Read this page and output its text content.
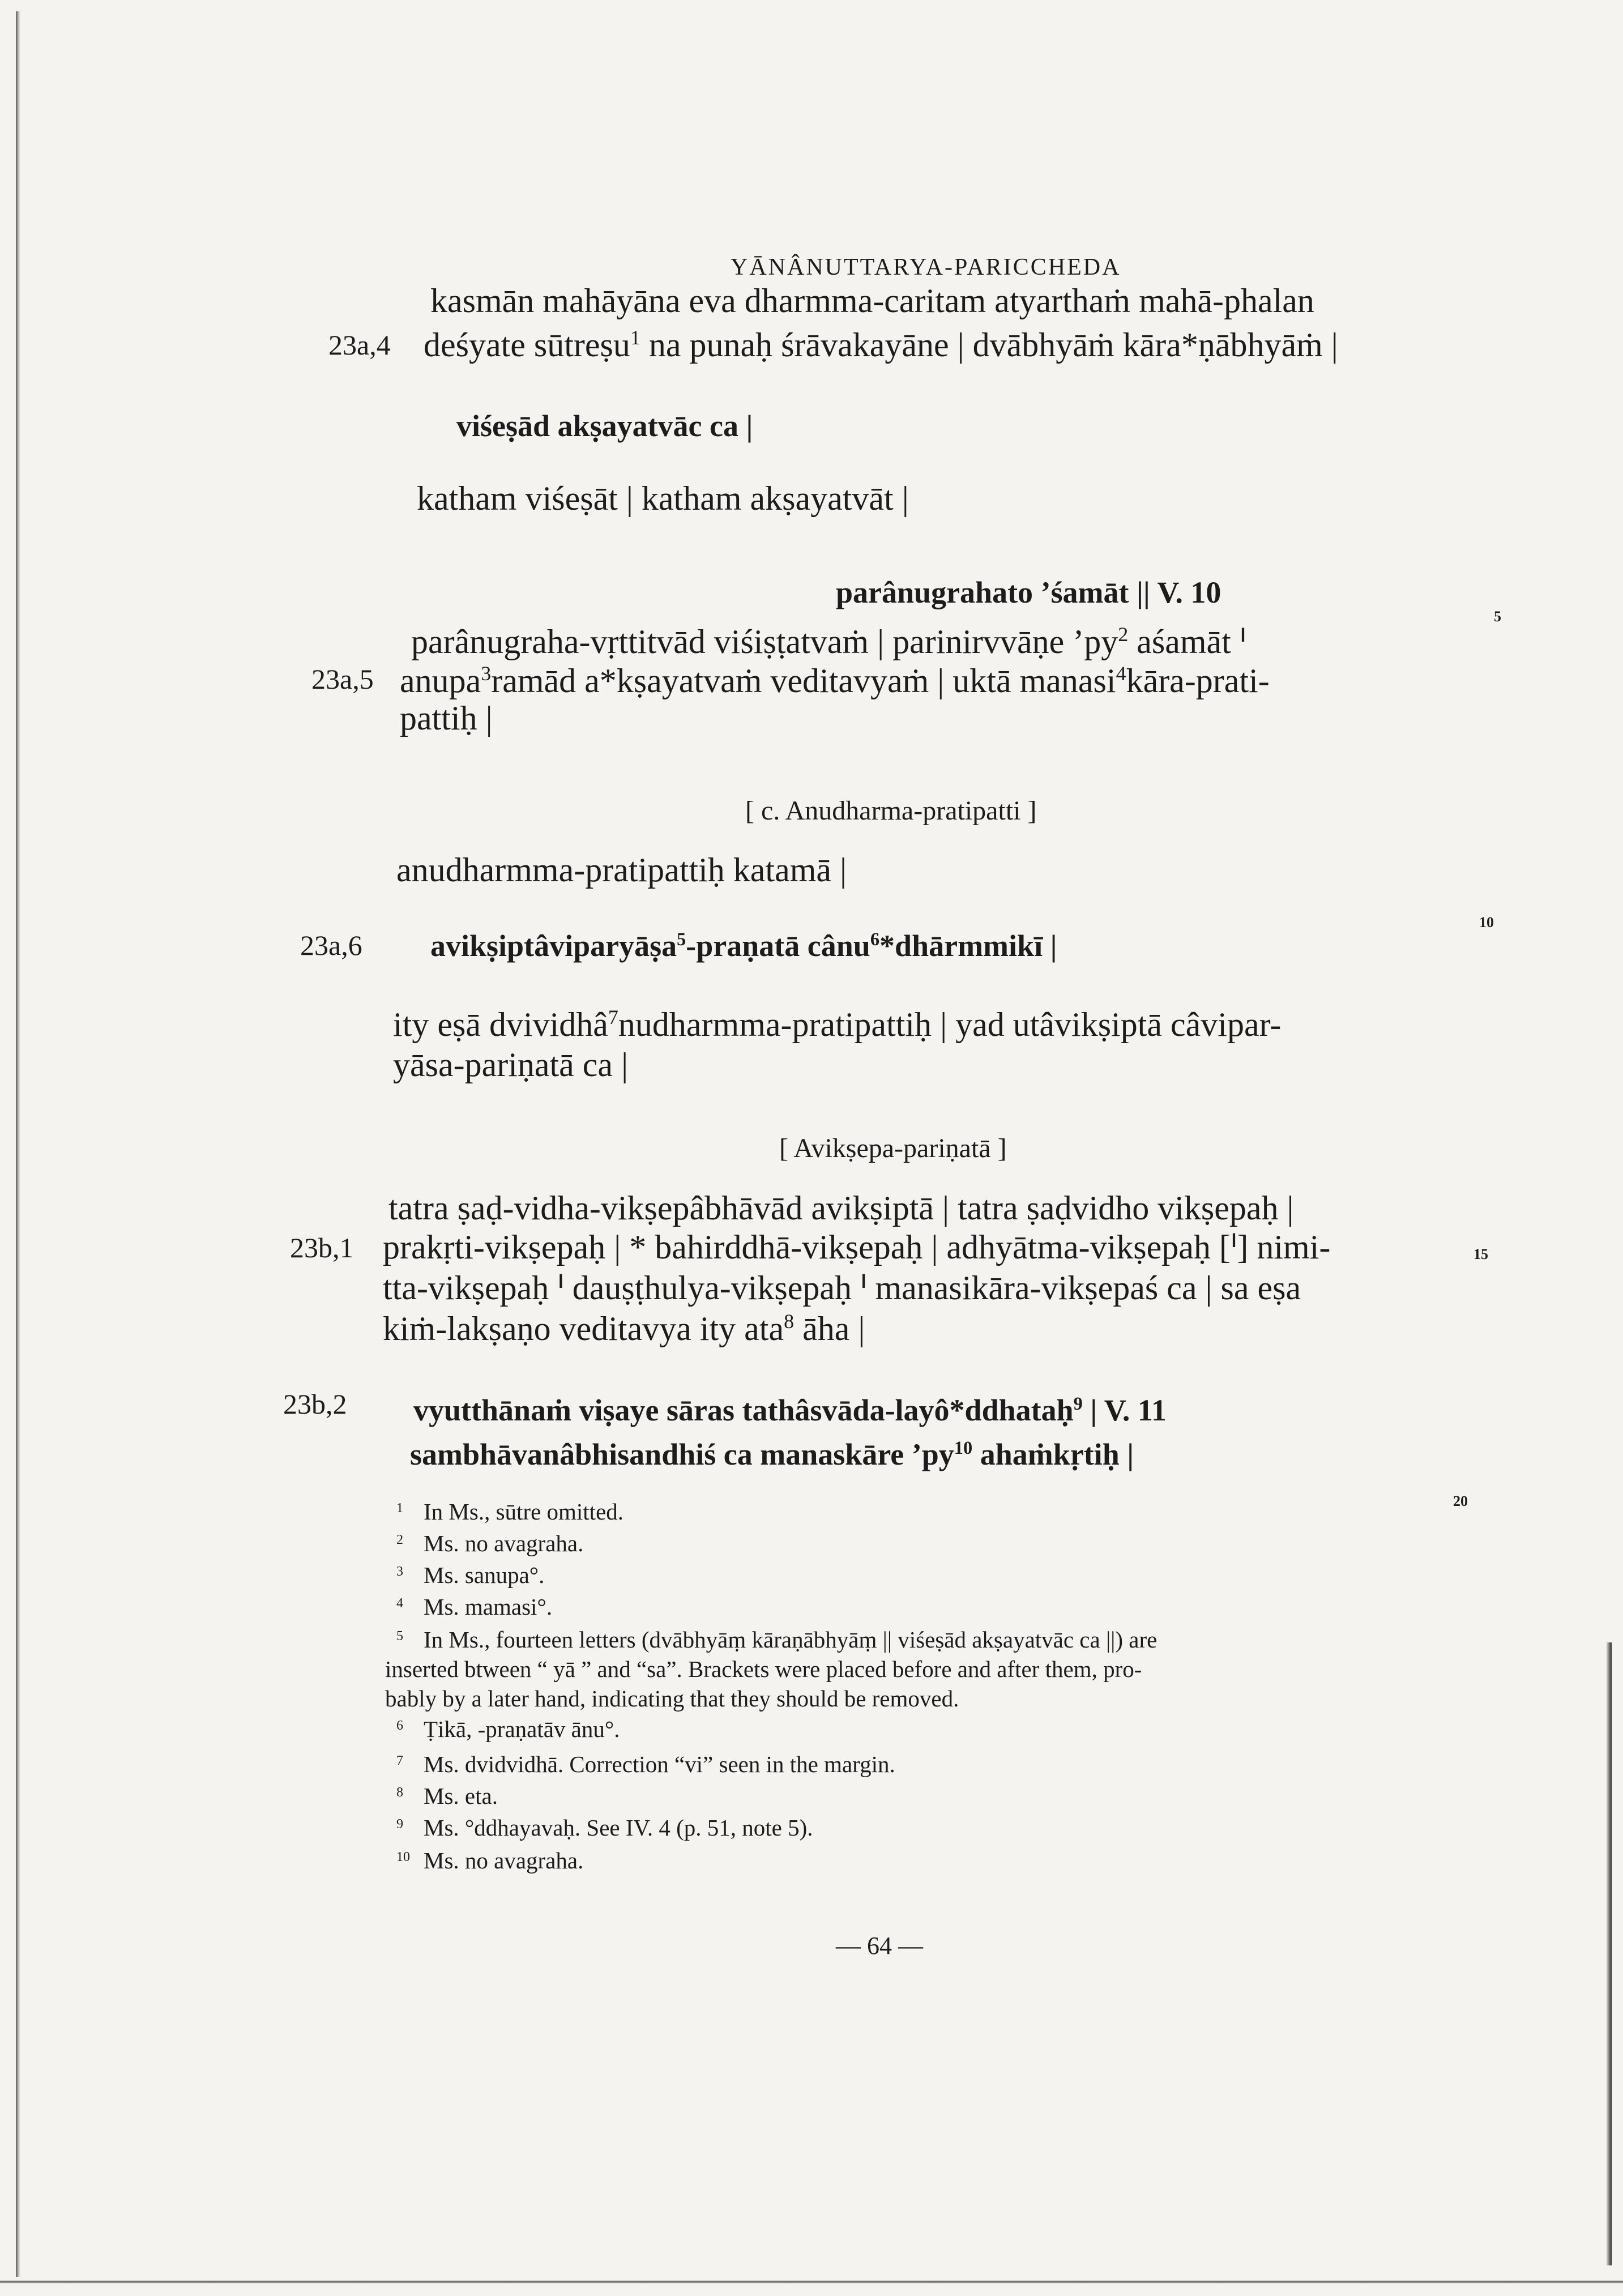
YĀNÂNUTTARYA-PARICCHEDA
kasmān mahāyāna eva dharmma-caritam atyarthaṁ mahā-phalan
23a,4 deśyate sūtreṣu$^1$ na punaḥ śrāvakayāne | dvābhyāṁ kāra*ṇābhyāṁ |
viśeṣād akṣayatvāc ca |
katham viśeṣāt | katham akṣayatvāt |
parânugrahato ’śamāt || V. 10
5
parânugraha-vṛttitvād viśiṣṭatvaṁ | parinirvvāṇe $’py^2$ aśamāt ᑊ
23a,5 anupa$^3$ramād a*kṣayatvaṁ veditavyaṁ | uktā manasi$^4$kāra-prati-
pattiḥ |
[ c. Anudharma-pratipatti ]
anudharmma-pratipattiḥ katamā |
23a,6
10
avikṣiptâviparyāṣa$^5$-praṇatā cânu$^6$*dhārmmikī |
ity eṣā dvividhâ$^7$nudharmma-pratipattiḥ | yad utâvikṣiptā câvipar-
yāsa-pariṇatā ca |
[ Avikṣepa-pariṇatā ]
tatra ṣaḍ-vidha-vikṣepâbhāvād avikṣiptā | tatra ṣaḍvidho vikṣepaḥ |
23b,1 prakṛti-vikṣepaḥ | * bahirddhā-vikṣepaḥ | adhyātma-vikṣepaḥ [ᑊ] nimi-	15
tta-vikṣepaḥ ᑊ dauṣṭhulya-vikṣepaḥ ᑊ manasikāra-vikṣepaś ca | sa eṣa
kiṁ-lakṣaṇo veditavya ity ata$^8$ āha |
23b,2 vyutthānaṁ viṣaye sāras tathâsvāda-layô*ddhataḥ$^9$ | V. 11
sambhāvanâbhisandhiś ca manaskāre $’py^{10}$ ahaṁkṛtiḥ |
20
1 In Ms., sūtre omitted.
2 Ms. no avagraha.
3 Ms. sanupa°.
4 Ms. mamasi°.
5 In Ms., fourteen letters (dvābhyāṃ kāraṇābhyāṃ || viśeṣād akṣayatvāc ca ||) are
inserted btween “ yā ” and “sa”. Brackets were placed before and after them, pro-
bably by a later hand, indicating that they should be removed.
6 Ṭikā, -praṇatāv ānu°.
7 Ms. dvidvidhā. Correction “vi” seen in the margin.
8 Ms. eta.
9 Ms. °ddhayavaḥ. See IV. 4 (p. 51, note 5).
10 Ms. no avagraha.
— 64 —
